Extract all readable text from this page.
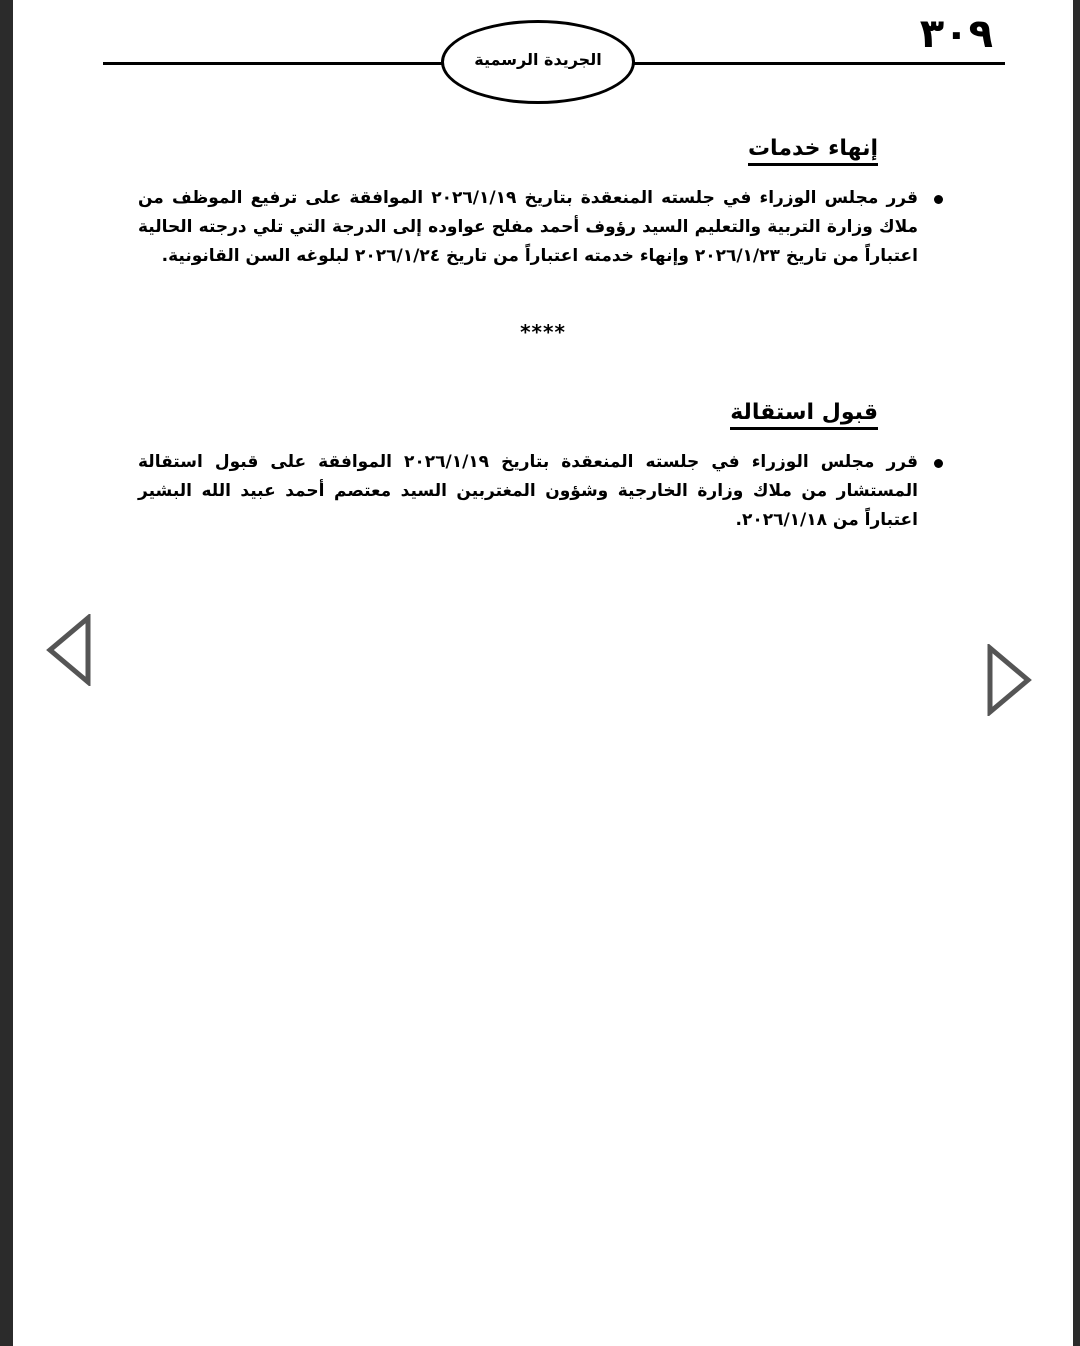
الجريدة الرسمية
٣٠٩
إنهاء خدمات
قرر مجلس الوزراء في جلسته المنعقدة بتاريخ ٢٠٢٦/١/١٩ الموافقة على ترفيع الموظف من ملاك وزارة التربية والتعليم السيد رؤوف أحمد مفلح عواوده إلى الدرجة التي تلي درجته الحالية اعتباراً من تاريخ ٢٠٢٦/١/٢٣ وإنهاء خدمته اعتباراً من تاريخ ٢٠٢٦/١/٢٤ لبلوغه السن القانونية.
****
قبول استقالة
قرر مجلس الوزراء في جلسته المنعقدة بتاريخ ٢٠٢٦/١/١٩ الموافقة على قبول استقالة المستشار من ملاك وزارة الخارجية وشؤون المغتربين السيد معتصم أحمد عبيد الله البشير اعتباراً من ٢٠٢٦/١/١٨.
